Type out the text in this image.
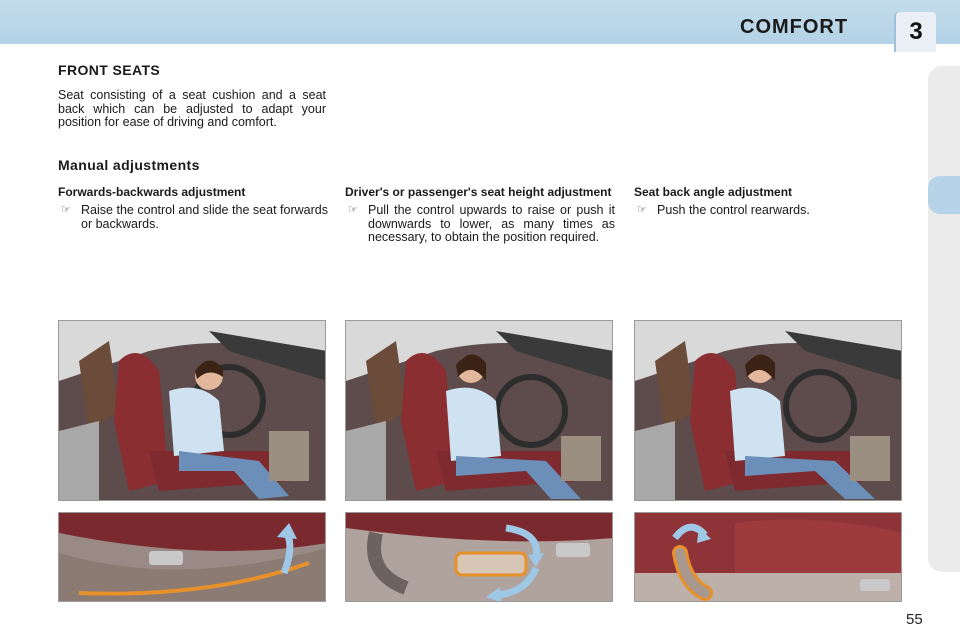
COMFORT	3
FRONT SEATS

Seat consisting of a seat cushion and a seat back which can be adjusted to adapt your position for ease of driving and comfort.

Manual adjustments
Forwards-backwards adjustment
☞ Raise the control and slide the seat forwards or backwards.
Driver's or passenger's seat height adjustment
☞ Pull the control upwards to raise or push it downwards to lower, as many times as necessary, to obtain the position required.
Seat back angle adjustment
☞ Push the control rearwards.
55
